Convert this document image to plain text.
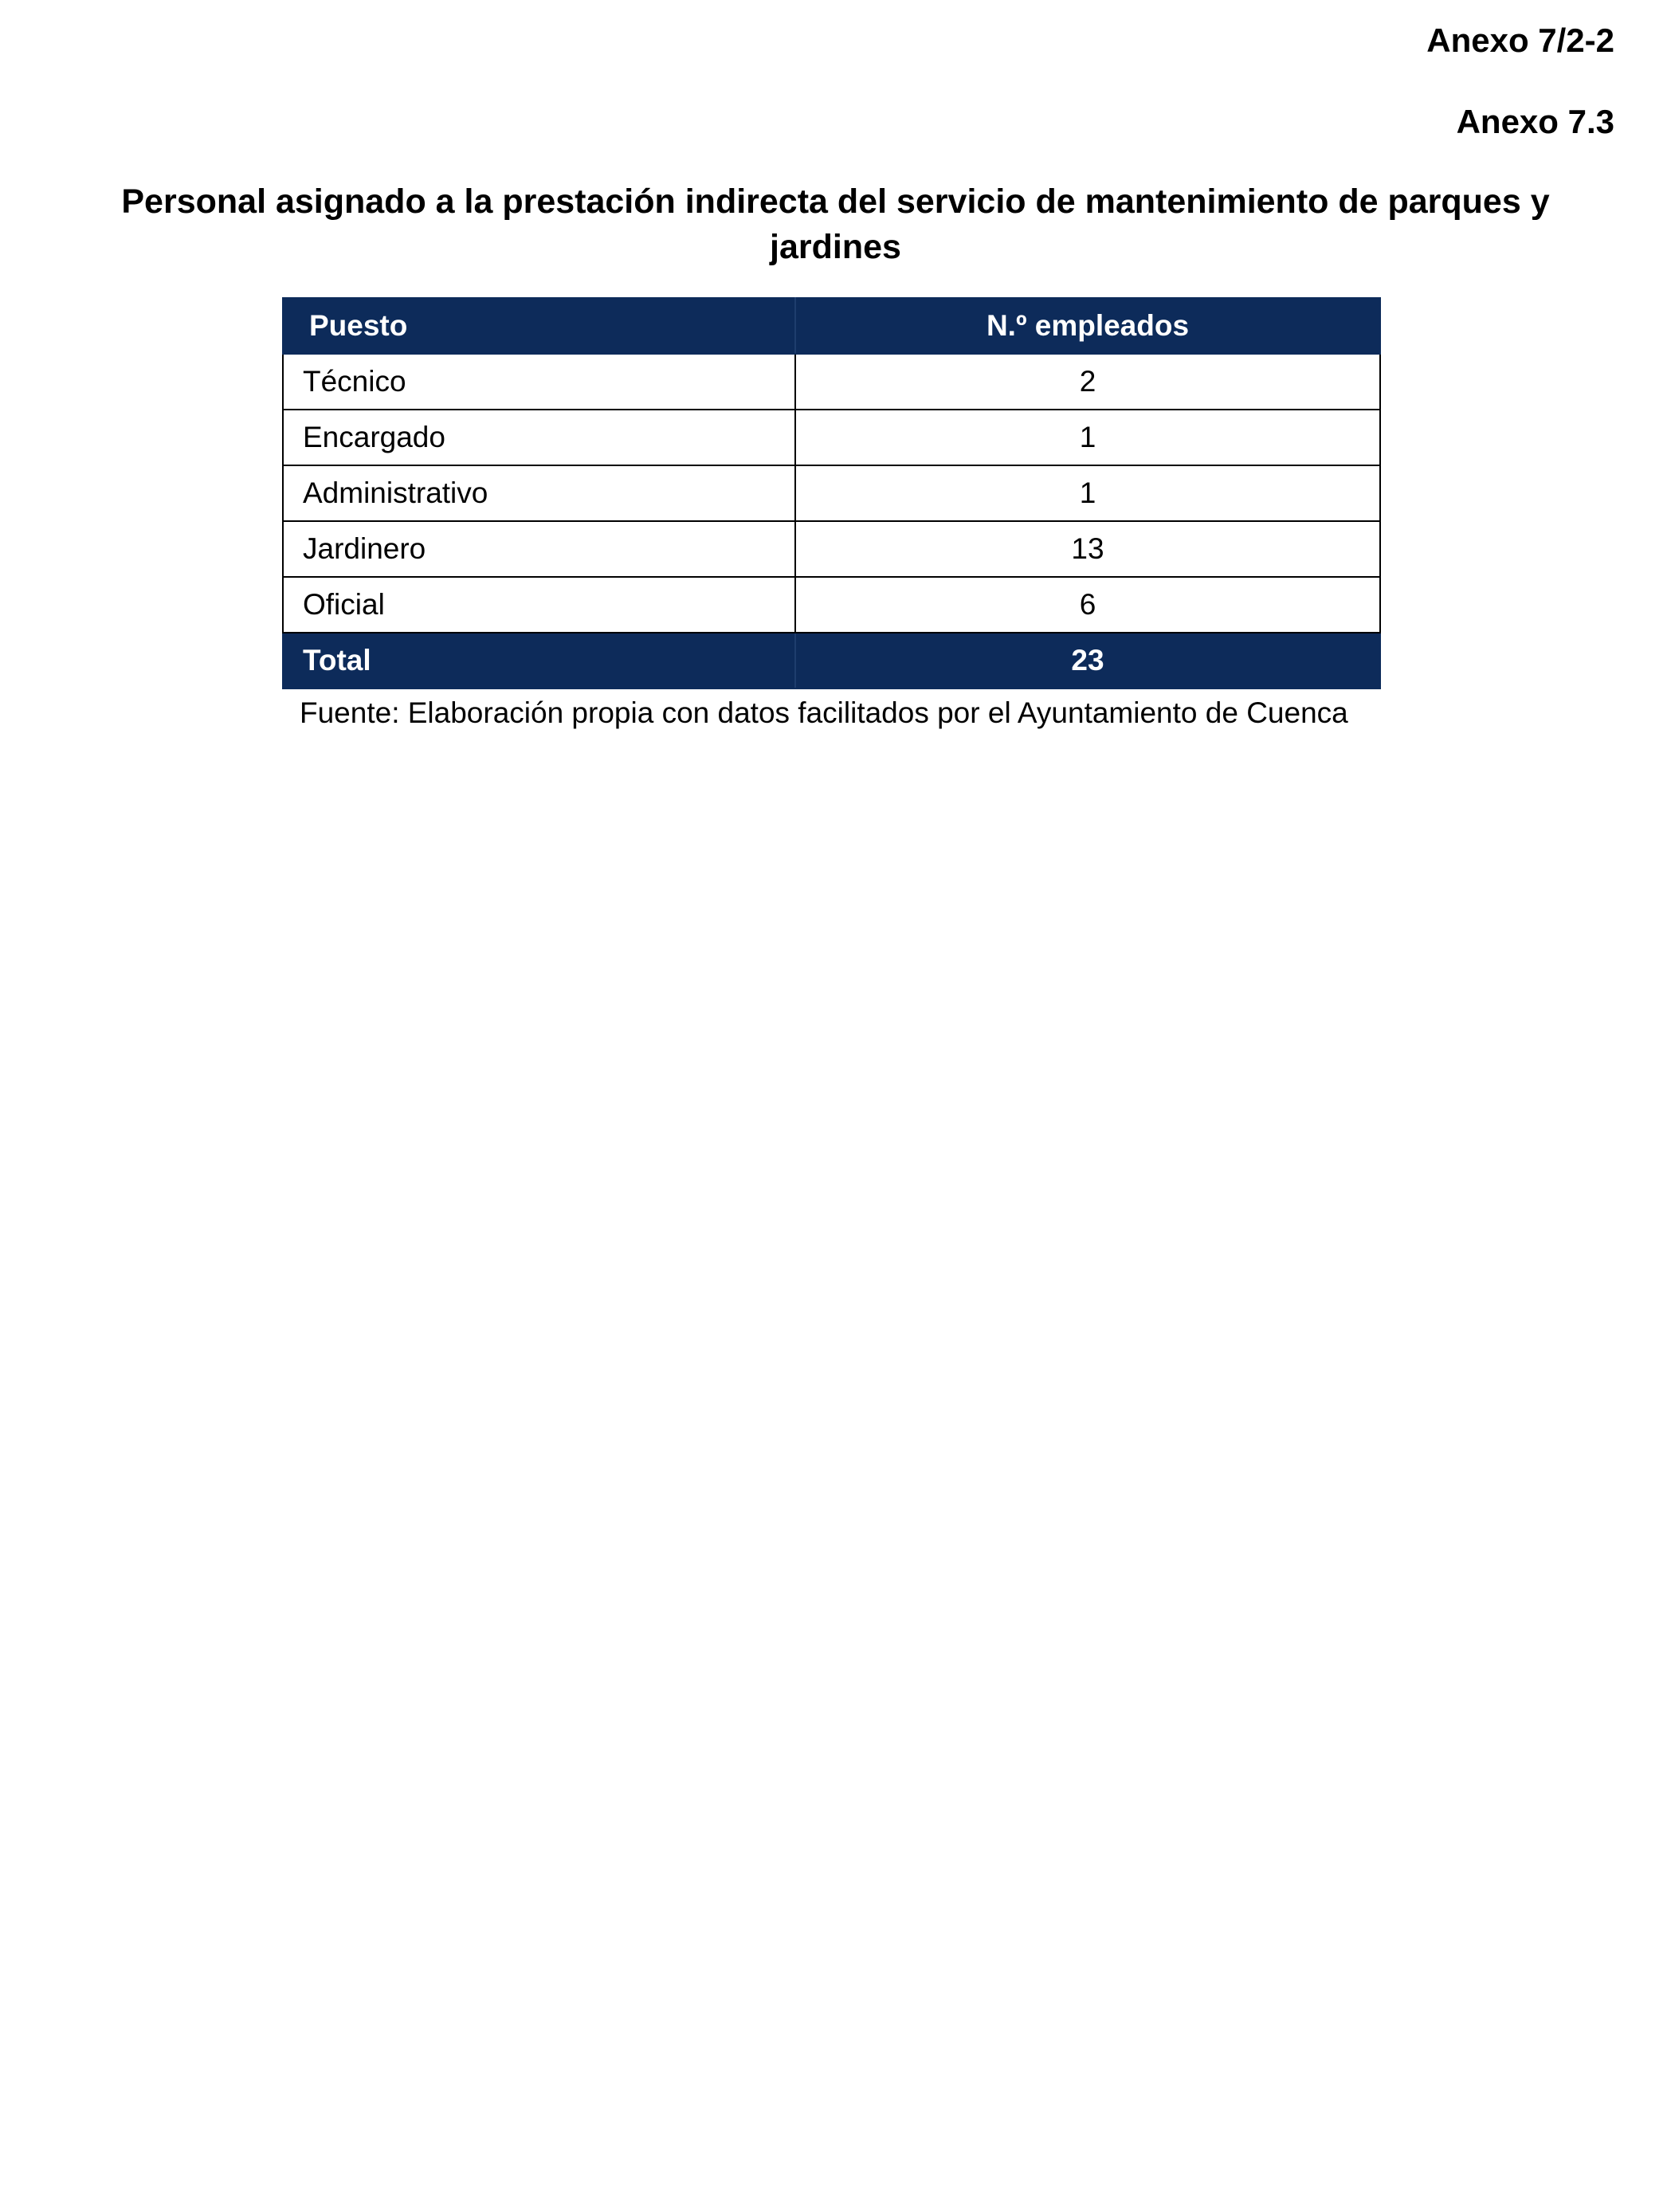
Anexo 7/2-2
Anexo 7.3
Personal asignado a la prestación indirecta del servicio de mantenimiento de parques y jardines
Puesto	N.º empleados
Técnico	2
Encargado	1
Administrativo	1
Jardinero	13
Oficial	6
Total	23
Fuente: Elaboración propia con datos facilitados por el Ayuntamiento de Cuenca
